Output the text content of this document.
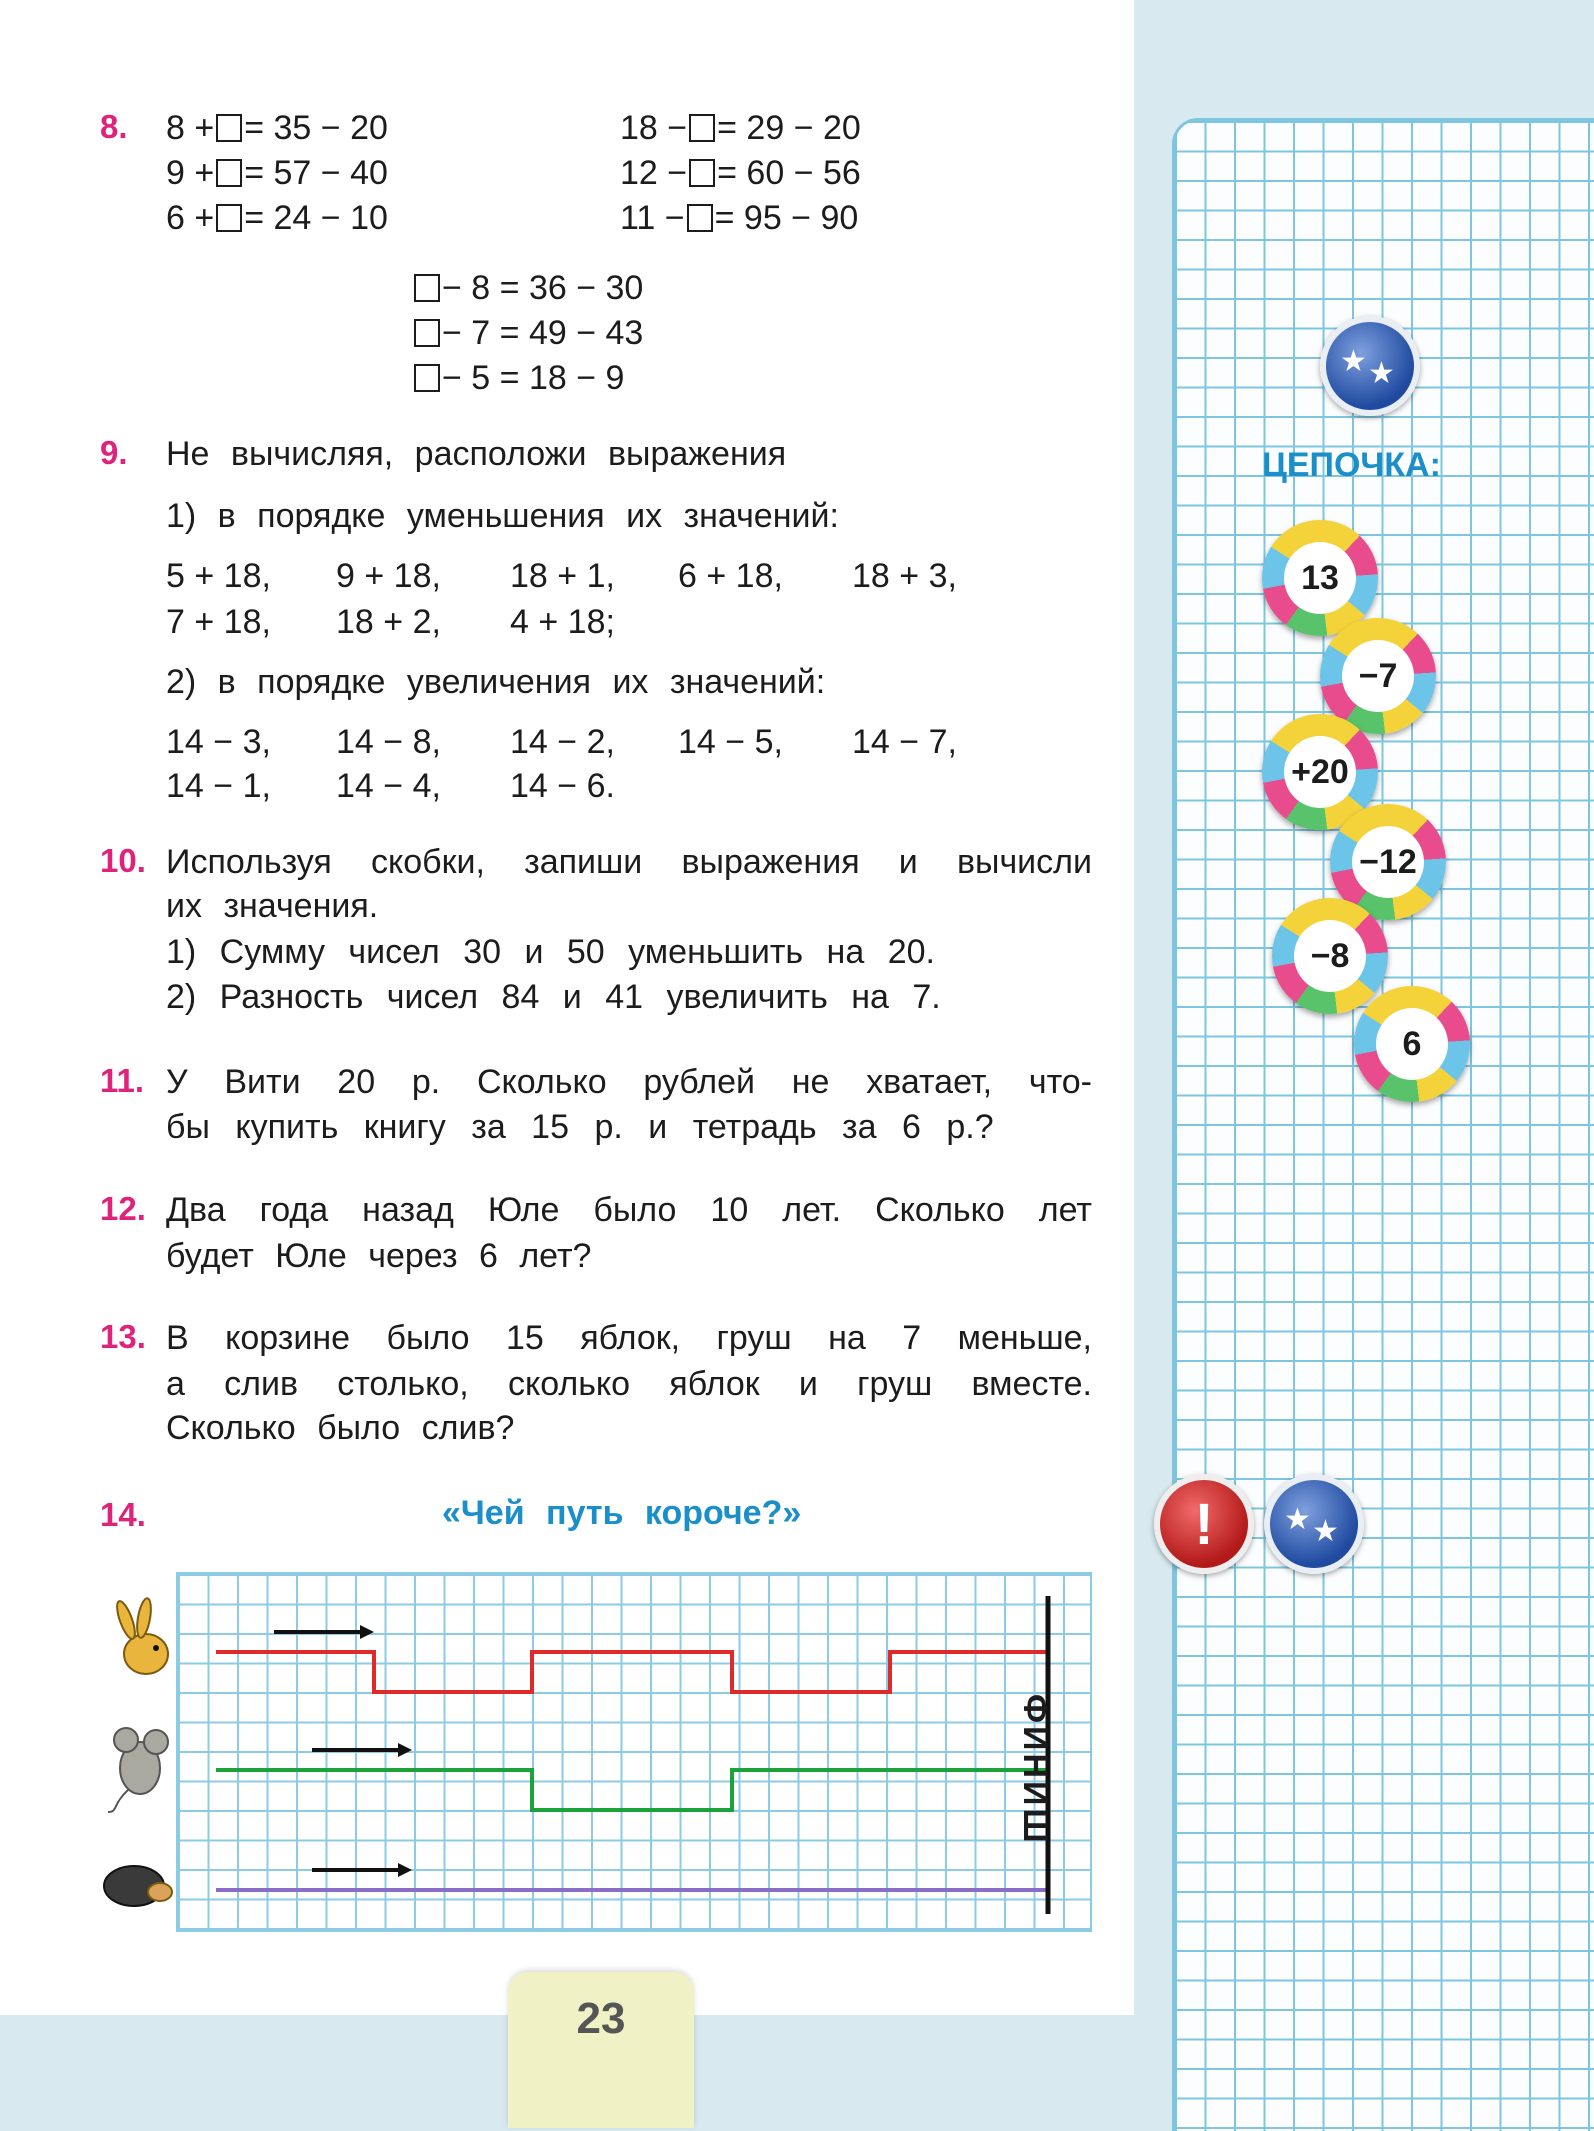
8. 8 + = 35 − 20
9 + = 57 − 40
6 + = 24 − 10
18 − = 29 − 20
12 − = 60 − 56
11 − = 95 − 90
− 8 = 36 − 30
− 7 = 49 − 43
− 5 = 18 − 9
9. Не вычисляя, расположи выражения
1) в порядке уменьшения их значений:
5 + 18, 9 + 18, 18 + 1, 6 + 18, 18 + 3,
7 + 18, 18 + 2, 4 + 18;
2) в порядке увеличения их значений:
14 − 3, 14 − 8, 14 − 2, 14 − 5, 14 − 7,
14 − 1, 14 − 4, 14 − 6.
10. Используя скобки, запиши выражения и вычисли
их значения.
1) Сумму чисел 30 и 50 уменьшить на 20.
2) Разность чисел 84 и 41 увеличить на 7.
11. У Вити 20 р. Сколько рублей не хватает, что-
бы купить книгу за 15 р. и тетрадь за 6 р.?
12. Два года назад Юле было 10 лет. Сколько лет
будет Юле через 6 лет?
13. В корзине было 15 яблок, груш на 7 меньше,
а слив столько, сколько яблок и груш вместе.
Сколько было слив?
14.	«Чей путь короче?»
ФИНИШ
★ ★
ЦЕПОЧКА:
13
−7
+20
−12
−8
6
!	★ ★
23
